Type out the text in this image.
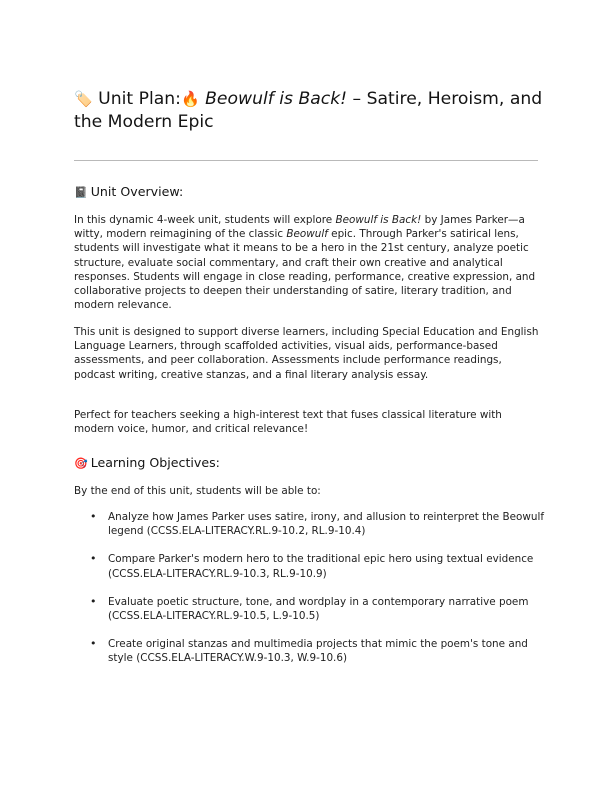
🏷️ Unit Plan:🔥 Beowulf is Back! – Satire, Heroism, and the Modern Epic
📓 Unit Overview:

In this dynamic 4-week unit, students will explore Beowulf is Back! by James Parker—a witty, modern reimagining of the classic Beowulf epic. Through Parker's satirical lens, students will investigate what it means to be a hero in the 21st century, analyze poetic structure, evaluate social commentary, and craft their own creative and analytical responses. Students will engage in close reading, performance, creative expression, and collaborative projects to deepen their understanding of satire, literary tradition, and modern relevance.

This unit is designed to support diverse learners, including Special Education and English Language Learners, through scaffolded activities, visual aids, performance-based assessments, and peer collaboration. Assessments include performance readings, podcast writing, creative stanzas, and a final literary analysis essay.

Perfect for teachers seeking a high-interest text that fuses classical literature with modern voice, humor, and critical relevance!

🎯 Learning Objectives:

By the end of this unit, students will be able to:

• Analyze how James Parker uses satire, irony, and allusion to reinterpret the Beowulf legend (CCSS.ELA-LITERACY.RL.9-10.2, RL.9-10.4)
• Compare Parker's modern hero to the traditional epic hero using textual evidence (CCSS.ELA-LITERACY.RL.9-10.3, RL.9-10.9)
• Evaluate poetic structure, tone, and wordplay in a contemporary narrative poem (CCSS.ELA-LITERACY.RL.9-10.5, L.9-10.5)
• Create original stanzas and multimedia projects that mimic the poem's tone and style (CCSS.ELA-LITERACY.W.9-10.3, W.9-10.6)
